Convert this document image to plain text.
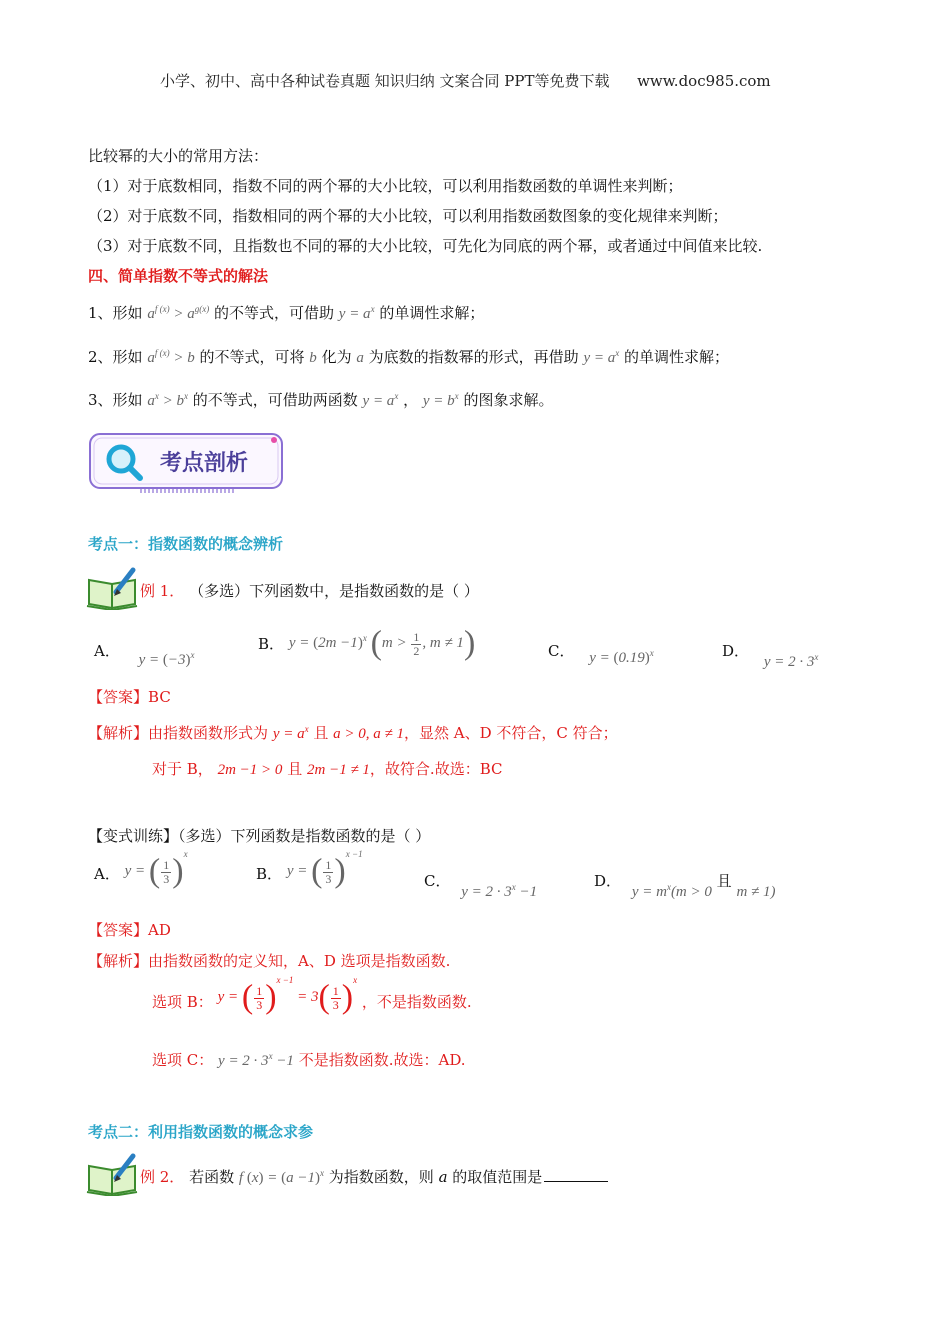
小学、初中、高中各种试卷真题 知识归纳 文案合同 PPT等免费下载 www.doc985.com
比较幂的大小的常用方法：
（1）对于底数相同，指数不同的两个幂的大小比较，可以利用指数函数的单调性来判断；
（2）对于底数不同，指数相同的两个幂的大小比较，可以利用指数函数图象的变化规律来判断；
（3）对于底数不同，且指数也不同的幂的大小比较，可先化为同底的两个幂，或者通过中间值来比较.
四、简单指数不等式的解法
1、形如 $a^{f (x)} > a^{g(x)}$ 的不等式，可借助 $y = a^x$ 的单调性求解；
2、形如 $a^{f (x)} > b$ 的不等式，可将 b 化为 a 为底数的指数幂的形式，再借助 $y = a^x$ 的单调性求解；
3、形如 $a^x > b^x$ 的不等式，可借助两函数 $y = a^x$ ， $y = b^x$ 的图象求解。
考点剖析
考点一：指数函数的概念辨析
例 1． （多选）下列函数中，是指数函数的是（ ）
A． $y = (-3)^x$
B． $y = (2m -1)^x$ ($m > \frac{1}{2}$ , m ≠ 1)	C． $y = (0.19)^x$	D． $y = 2 \cdot 3^x$
【答案】BC
【解析】由指数函数形式为 $y = a^x$ 且 a > 0, a ≠ 1，显然 A、D 不符合，C 符合；
对于 B， 2m −1 > 0 且 2m −1 ≠ 1，故符合.故选：BC
【变式训练】（多选）下列函数是指数函数的是（ ）
A． y = ( $\frac{1}{3} )^x$
B． y = ( $\frac{1}{3} )^{x -1}$
C． $y = 2 \cdot 3^x -1$
D． $y = m^x(m > 0$ 且 m ≠ 1)
【答案】AD
【解析】由指数函数的定义知，A、D 选项是指数函数.
选项 B： y = ( $\frac{1}{3} )^{x -1} = 3( \frac{1}{3} )^x$ ，不是指数函数.
选项 C： $y = 2 \cdot 3^x -1$ 不是指数函数.故选：AD.
考点二：利用指数函数的概念求参
例 2． 若函数 f $(x) = (a -1)^x$ 为指数函数，则 a 的取值范围是
